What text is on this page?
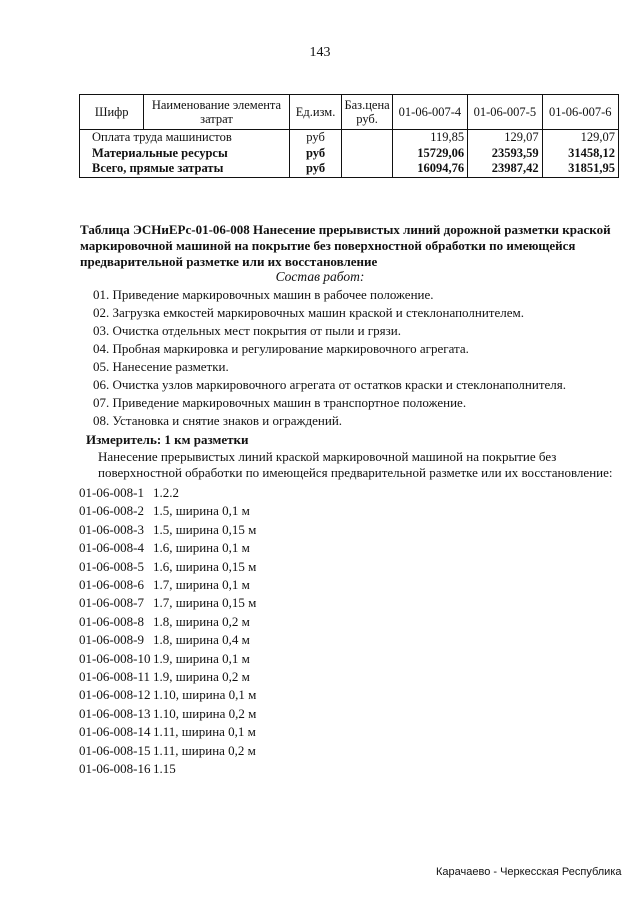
143
Шифр	Наименование элемента затрат	Ед.изм.	Баз.цена руб.	01-06-007-4	01-06-007-5	01-06-007-6
Оплата труда машинистов		руб		119,85	129,07	129,07
Материальные ресурсы		руб		15729,06	23593,59	31458,12
Всего, прямые затраты		руб		16094,76	23987,42	31851,95
Таблица ЭСНиЕРс-01-06-008 Нанесение прерывистых линий дорожной разметки краской маркировочной машиной на покрытие без поверхностной обработки по имеющейся предварительной разметке или их восстановление
Состав работ:
01. Приведение маркировочных машин в рабочее положение.
02. Загрузка емкостей маркировочных машин краской и стеклонаполнителем.
03. Очистка отдельных мест покрытия от пыли и грязи.
04. Пробная маркировка и регулирование маркировочного агрегата.
05. Нанесение разметки.
06. Очистка узлов маркировочного агрегата от остатков краски и стеклонаполнителя.
07. Приведение маркировочных машин в транспортное положение.
08. Установка и снятие знаков и ограждений.
Измеритель: 1 км разметки
Нанесение прерывистых линий краской маркировочной машиной на покрытие без поверхностной обработки по имеющейся предварительной разметке или их восстановление:
01-06-008-1 1.2.2
01-06-008-2 1.5, ширина 0,1 м
01-06-008-3 1.5, ширина 0,15 м
01-06-008-4 1.6, ширина 0,1 м
01-06-008-5 1.6, ширина 0,15 м
01-06-008-6 1.7, ширина 0,1 м
01-06-008-7 1.7, ширина 0,15 м
01-06-008-8 1.8, ширина 0,2 м
01-06-008-9 1.8, ширина 0,4 м
01-06-008-10 1.9, ширина 0,1 м
01-06-008-11 1.9, ширина 0,2 м
01-06-008-12 1.10, ширина 0,1 м
01-06-008-13 1.10, ширина 0,2 м
01-06-008-14 1.11, ширина 0,1 м
01-06-008-15 1.11, ширина 0,2 м
01-06-008-16 1.15
Карачаево - Черкесская Республика
